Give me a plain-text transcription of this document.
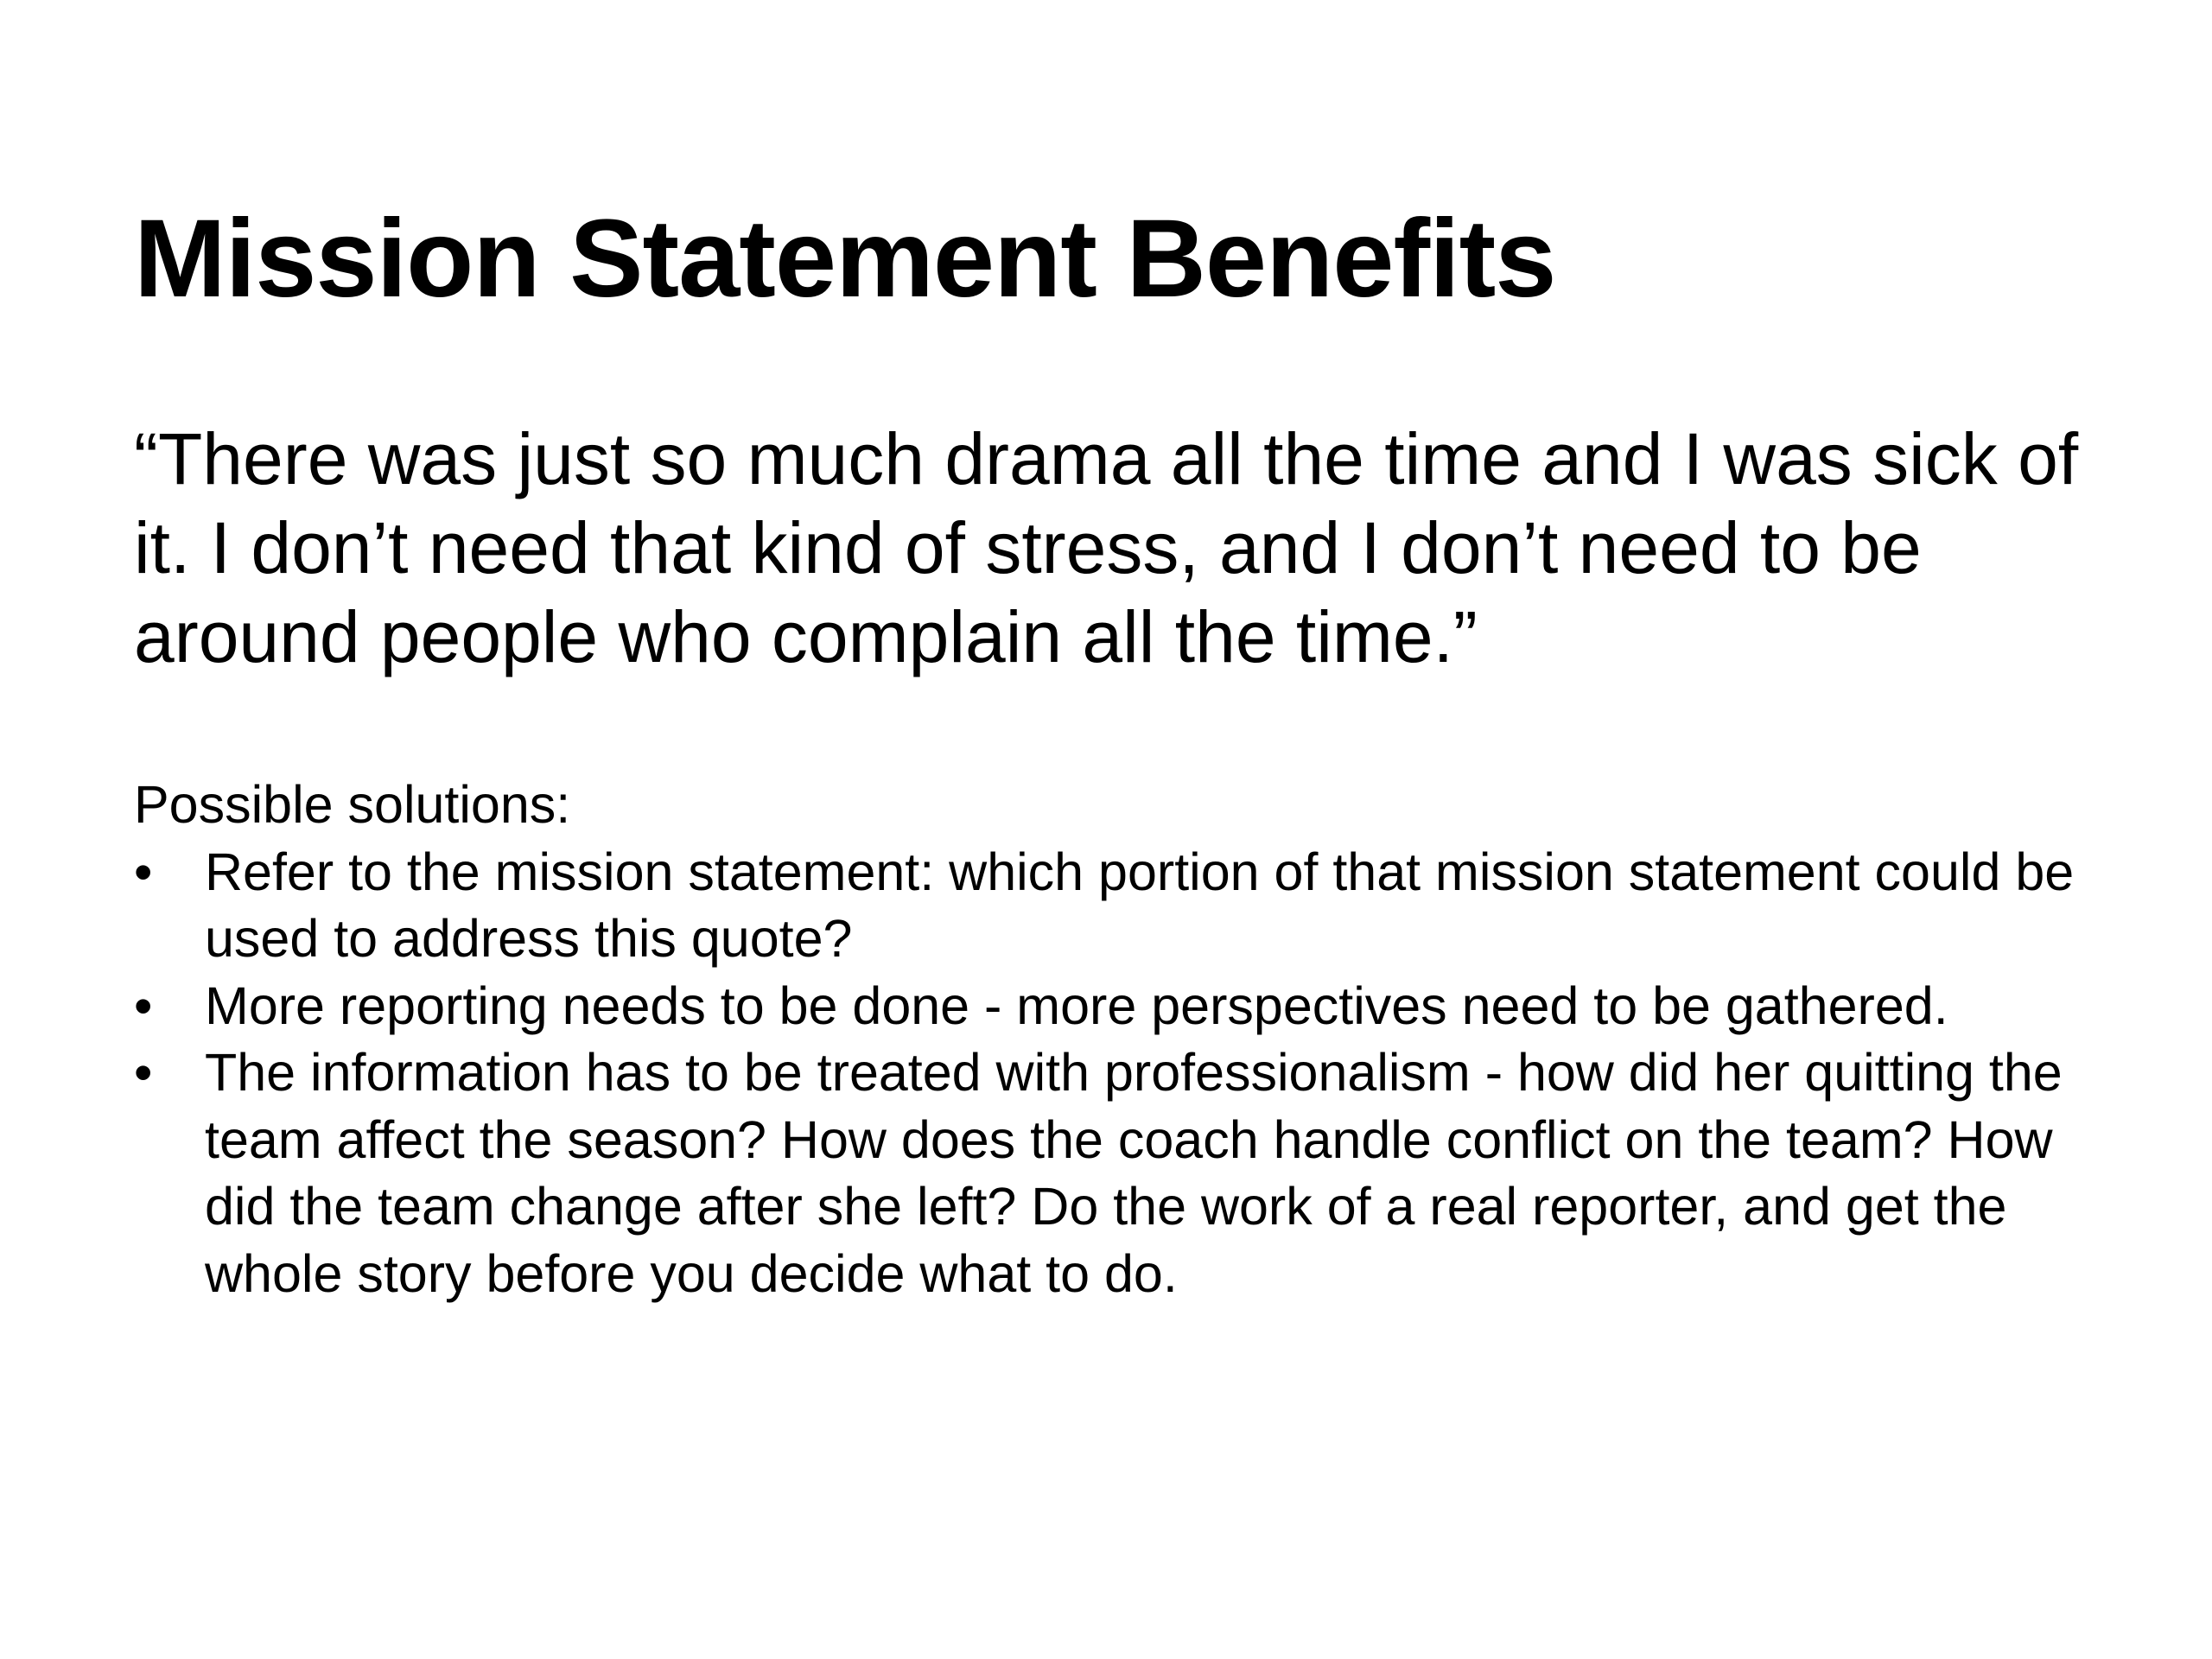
Mission Statement Benefits

“There was just so much drama all the time and I was sick of it. I don’t need that kind of stress, and I don’t need to be around people who complain all the time.”

Possible solutions:

• Refer to the mission statement: which portion of that mission statement could be used to address this quote?
• More reporting needs to be done - more perspectives need to be gathered.
• The information has to be treated with professionalism - how did her quitting the team affect the season? How does the coach handle conflict on the team? How did the team change after she left? Do the work of a real reporter, and get the whole story before you decide what to do.
